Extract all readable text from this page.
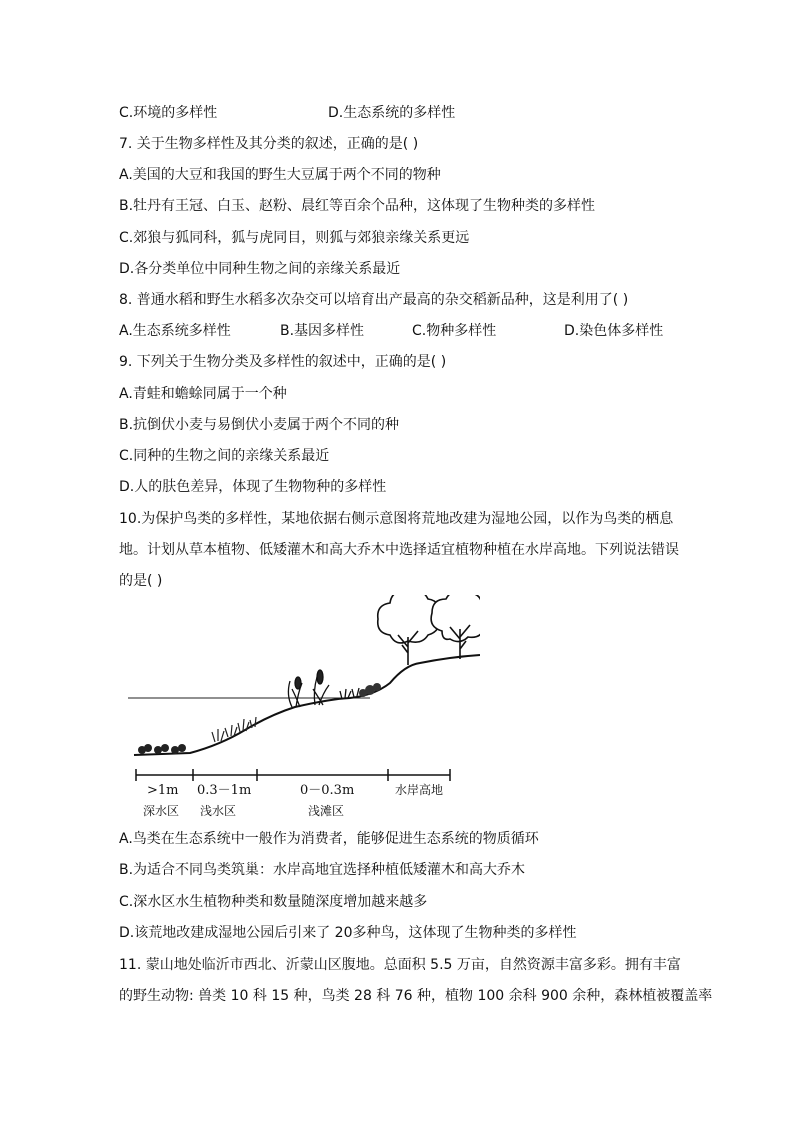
C.环境的多样性	D.生态系统的多样性
7. 关于生物多样性及其分类的叙述，正确的是( )
A.美国的大豆和我国的野生大豆属于两个不同的物种
B.牡丹有王冠、白玉、赵粉、晨红等百余个品种，这体现了生物种类的多样性
C.郊狼与狐同科，狐与虎同目，则狐与郊狼亲缘关系更远
D.各分类单位中同种生物之间的亲缘关系最近
8. 普通水稻和野生水稻多次杂交可以培育出产最高的杂交稻新品种，这是利用了( )
A.生态系统多样性	B.基因多样性	C.物种多样性	D.染色体多样性
9. 下列关于生物分类及多样性的叙述中，正确的是( )
A.青蛙和蟾蜍同属于一个种
B.抗倒伏小麦与易倒伏小麦属于两个不同的种
C.同种的生物之间的亲缘关系最近
D.人的肤色差异，体现了生物物种的多样性
10.为保护鸟类的多样性，某地依据右侧示意图将荒地改建为湿地公园，以作为鸟类的栖息
地。计划从草本植物、低矮灌木和高大乔木中选择适宜植物种植在水岸高地。下列说法错误
的是( )
>1m 0.3－1m	0－0.3m
深水区 浅水区	浅滩区
水岸高地
A.鸟类在生态系统中一般作为消费者，能够促进生态系统的物质循环
B.为适合不同鸟类筑巢：水岸高地宜选择种植低矮灌木和高大乔木
C.深水区水生植物种类和数量随深度增加越来越多
D.该荒地改建成湿地公园后引来了 20多种鸟，这体现了生物种类的多样性
11. 蒙山地处临沂市西北、沂蒙山区腹地。总面积 5.5 万亩，自然资源丰富多彩。拥有丰富
的野生动物: 兽类 10 科 15 种，鸟类 28 科 76 种，植物 100 余科 900 余种，森林植被覆盖率
